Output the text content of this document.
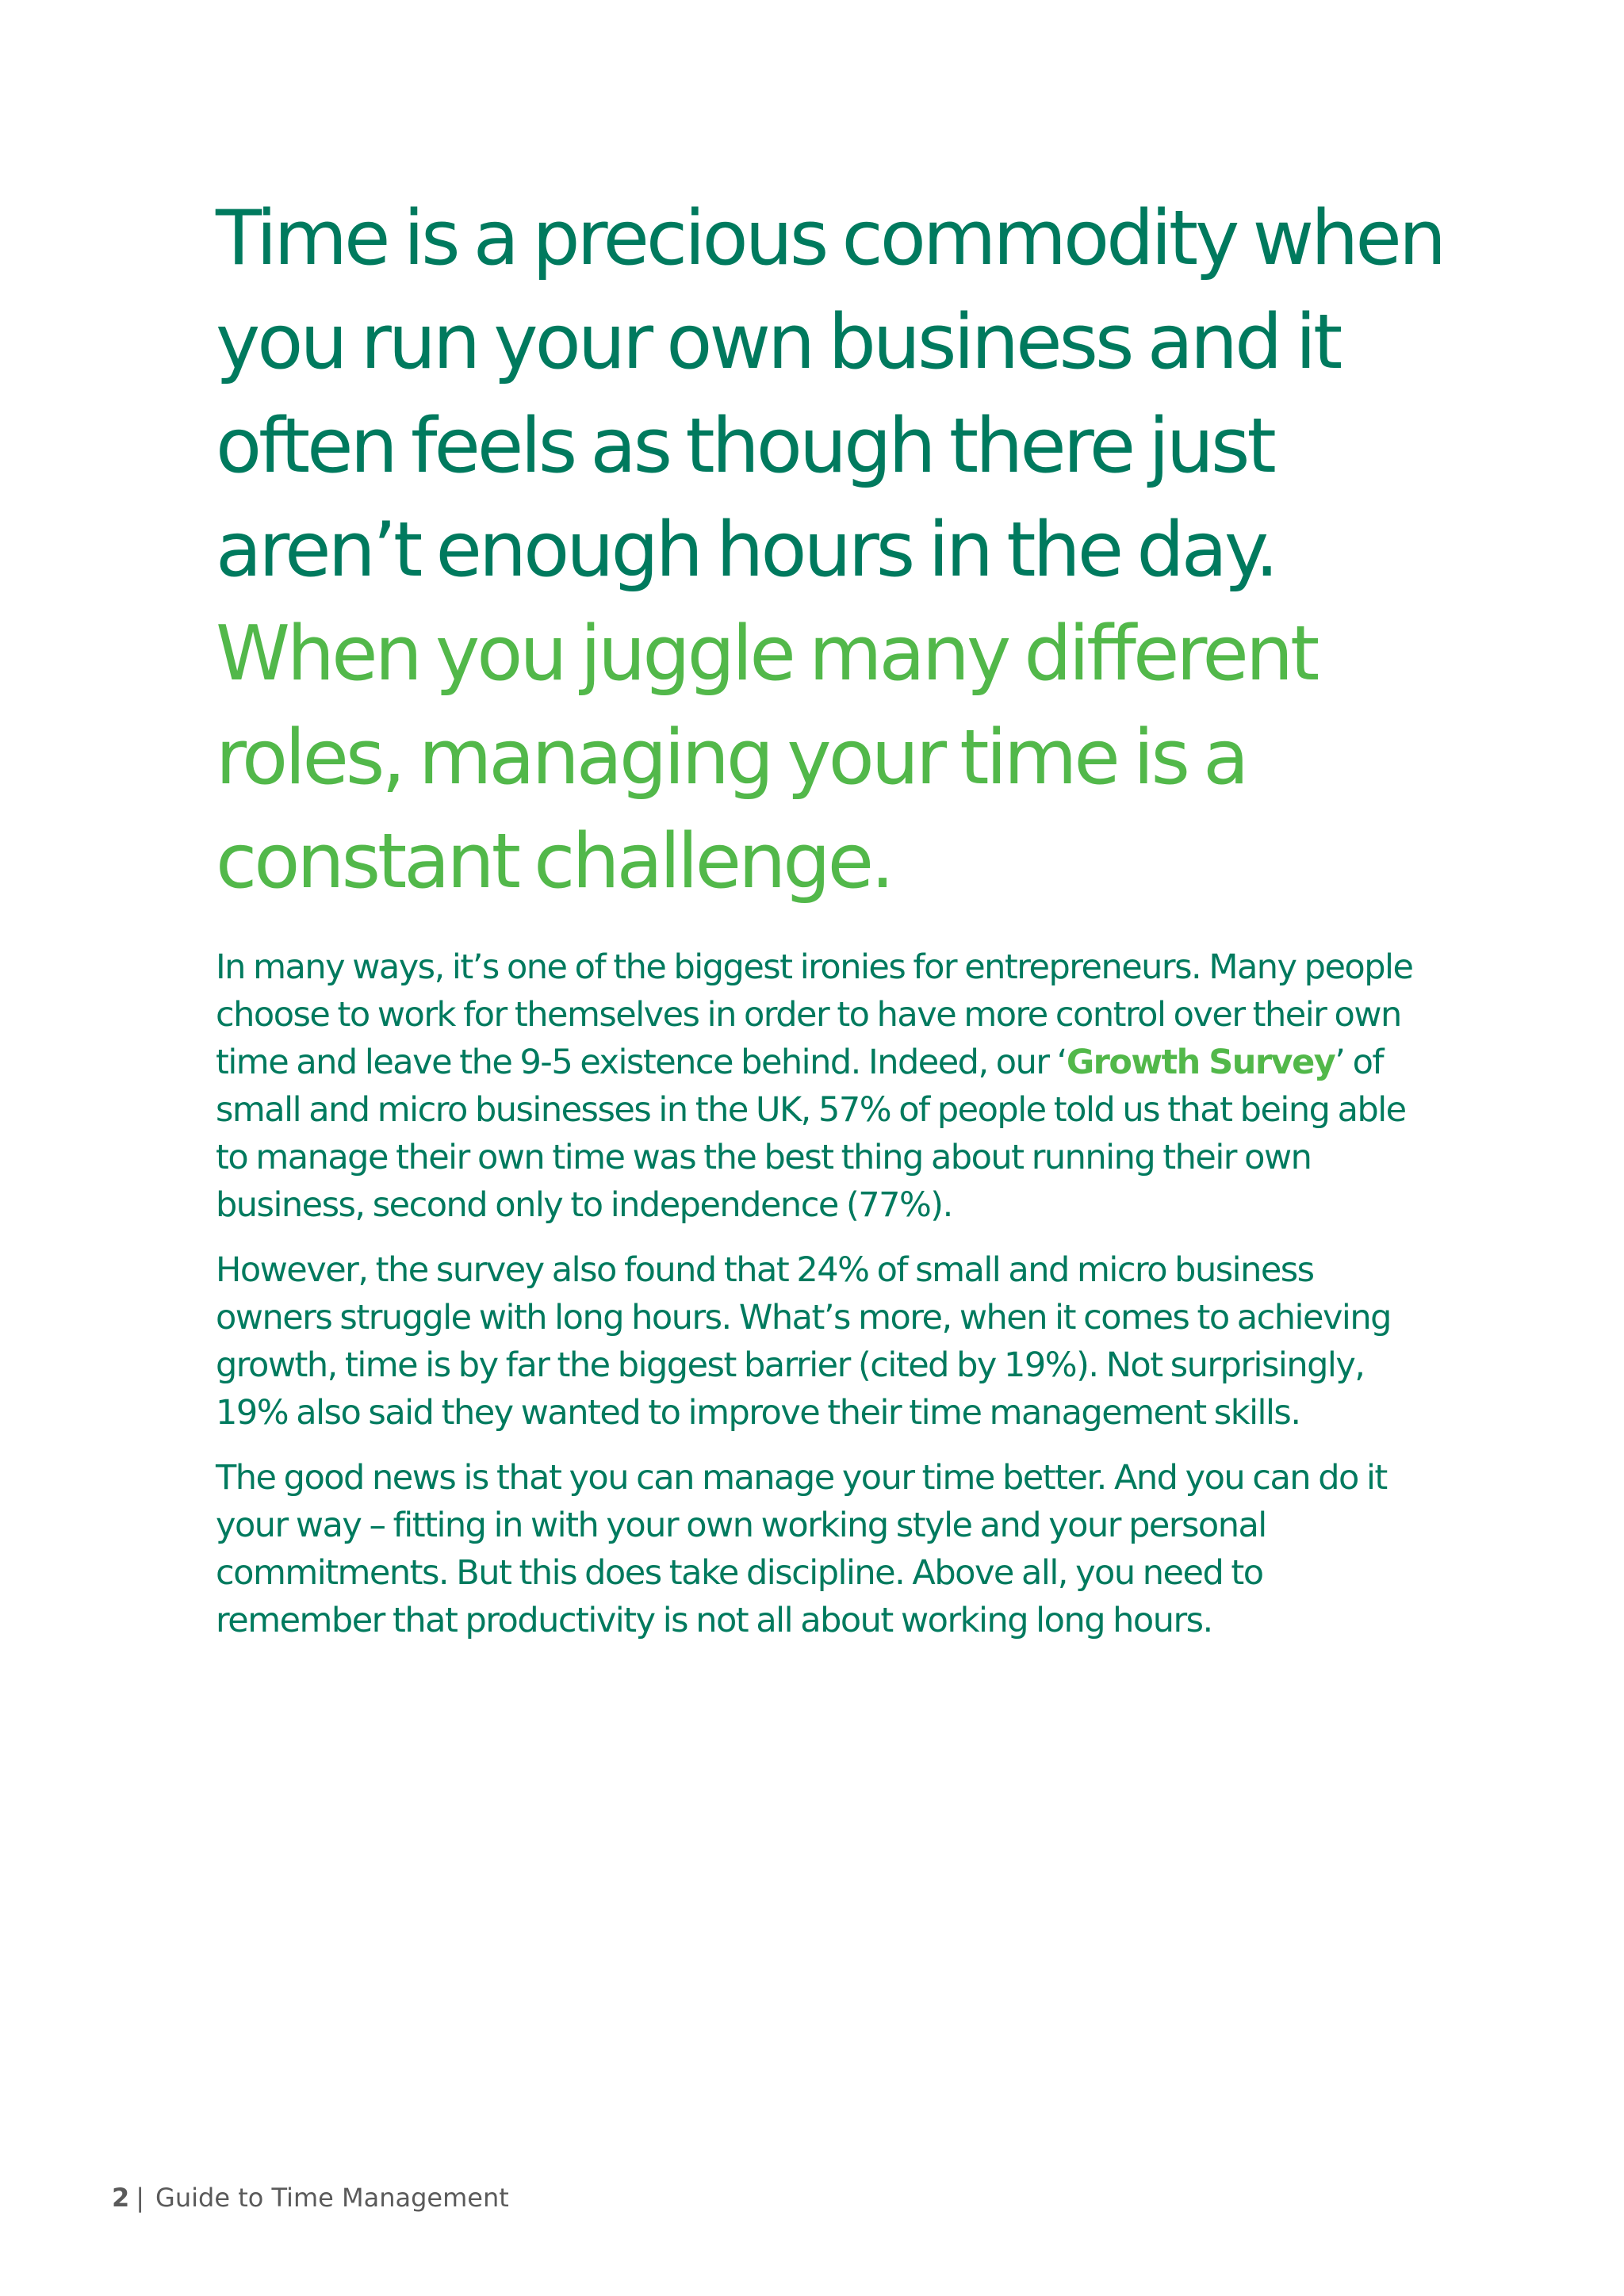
Time is a precious commodity when you run your own business and it often feels as though there just aren’t enough hours in the day. When you juggle many different roles, managing your time is a constant challenge.

In many ways, it’s one of the biggest ironies for entrepreneurs. Many people choose to work for themselves in order to have more control over their own time and leave the 9-5 existence behind. Indeed, our ‘Growth Survey’ of small and micro businesses in the UK, 57% of people told us that being able to manage their own time was the best thing about running their own business, second only to independence (77%).

However, the survey also found that 24% of small and micro business owners struggle with long hours. What’s more, when it comes to achieving growth, time is by far the biggest barrier (cited by 19%). Not surprisingly, 19% also said they wanted to improve their time management skills.

The good news is that you can manage your time better. And you can do it your way – fitting in with your own working style and your personal commitments. But this does take discipline. Above all, you need to remember that productivity is not all about working long hours.

2 | Guide to Time Management
